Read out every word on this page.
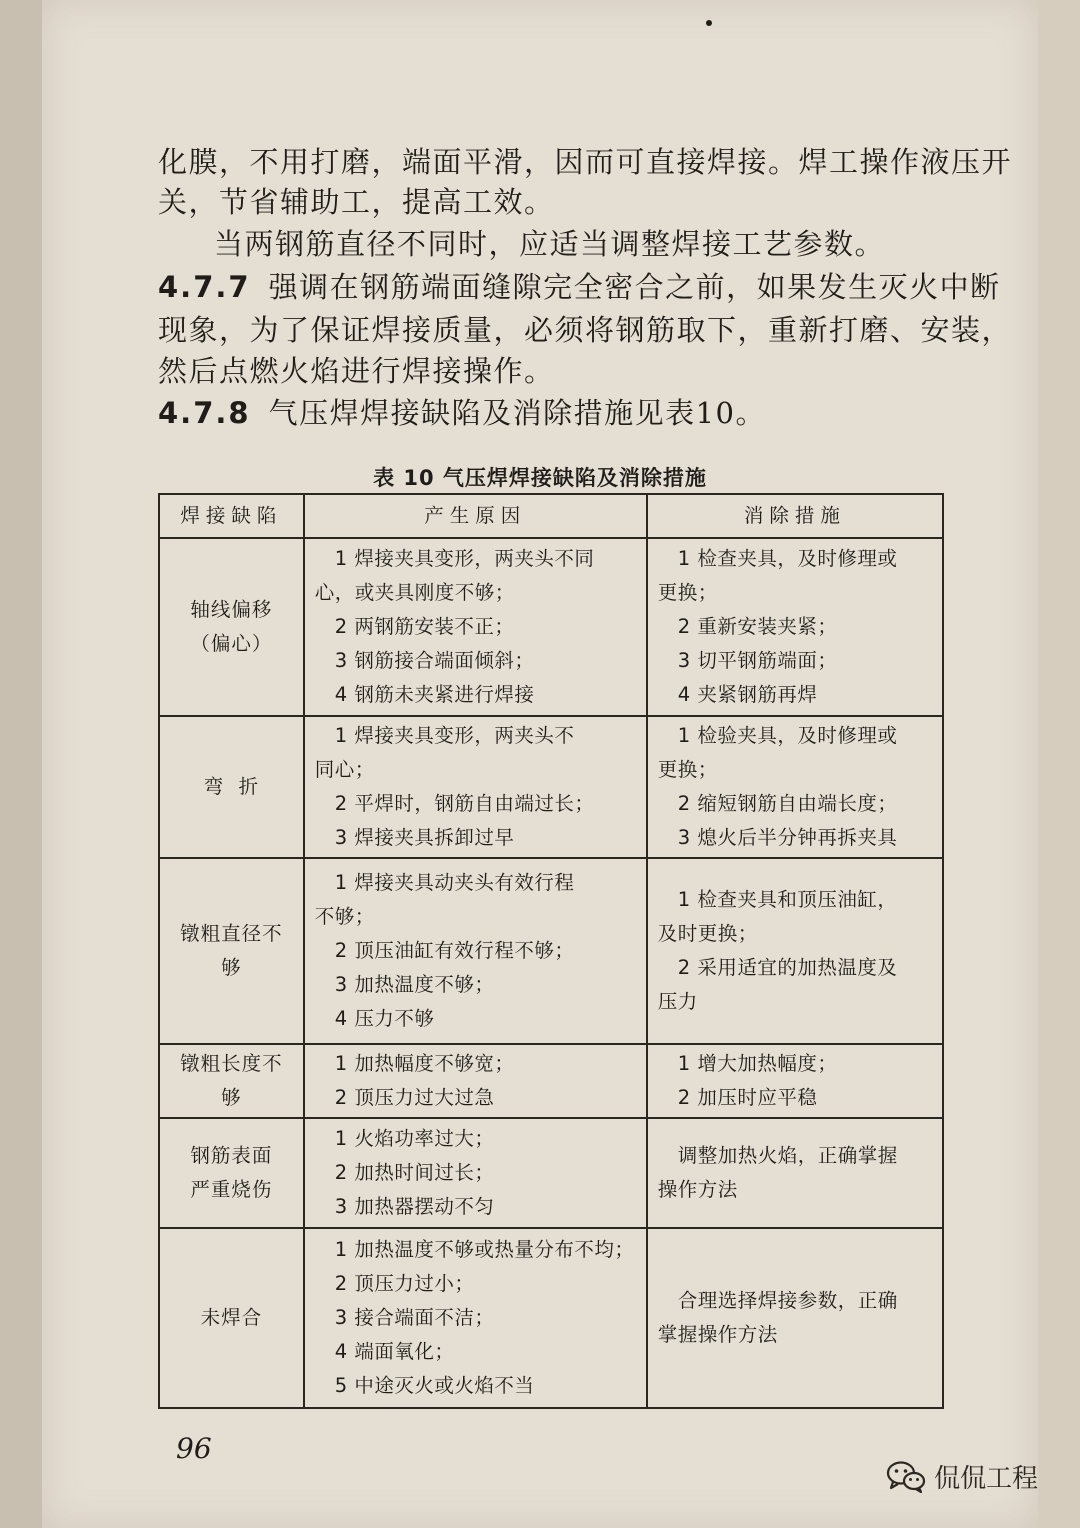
化膜，不用打磨，端面平滑，因而可直接焊接。焊工操作液压开
关，节省辅助工，提高工效。
当两钢筋直径不同时，应适当调整焊接工艺参数。
4.7.7 强调在钢筋端面缝隙完全密合之前，如果发生灭火中断
现象，为了保证焊接质量，必须将钢筋取下，重新打磨、安装，
然后点燃火焰进行焊接操作。
4.7.8 气压焊焊接缺陷及消除措施见表10。
表 10 气压焊焊接缺陷及消除措施
焊接缺陷	产生原因	消除措施

轴线偏移
（偏心）	1 焊接夹具变形，两夹头不同
心，或夹具刚度不够；
2 两钢筋安装不正；
3 钢筋接合端面倾斜；
4 钢筋未夹紧进行焊接	1 检查夹具，及时修理或
更换；
2 重新安装夹紧；
3 切平钢筋端面；
4 夹紧钢筋再焊

弯  折	1 焊接夹具变形，两夹头不
同心；
2 平焊时，钢筋自由端过长；
3 焊接夹具拆卸过早	1 检验夹具，及时修理或
更换；
2 缩短钢筋自由端长度；
3 熄火后半分钟再拆夹具

镦粗直径不够	1 焊接夹具动夹头有效行程
不够；
2 顶压油缸有效行程不够；
3 加热温度不够；
4 压力不够	1 检查夹具和顶压油缸，
及时更换；
2 采用适宜的加热温度及
压力

镦粗长度不够	1 加热幅度不够宽；
2 顶压力过大过急	1 增大加热幅度；
2 加压时应平稳

钢筋表面
严重烧伤	1 火焰功率过大；
2 加热时间过长；
3 加热器摆动不匀	调整加热火焰，正确掌握
操作方法

未焊合	1 加热温度不够或热量分布不均；
2 顶压力过小；
3 接合端面不洁；
4 端面氧化；
5 中途灭火或火焰不当	合理选择焊接参数，正确
掌握操作方法
96
侃侃工程
